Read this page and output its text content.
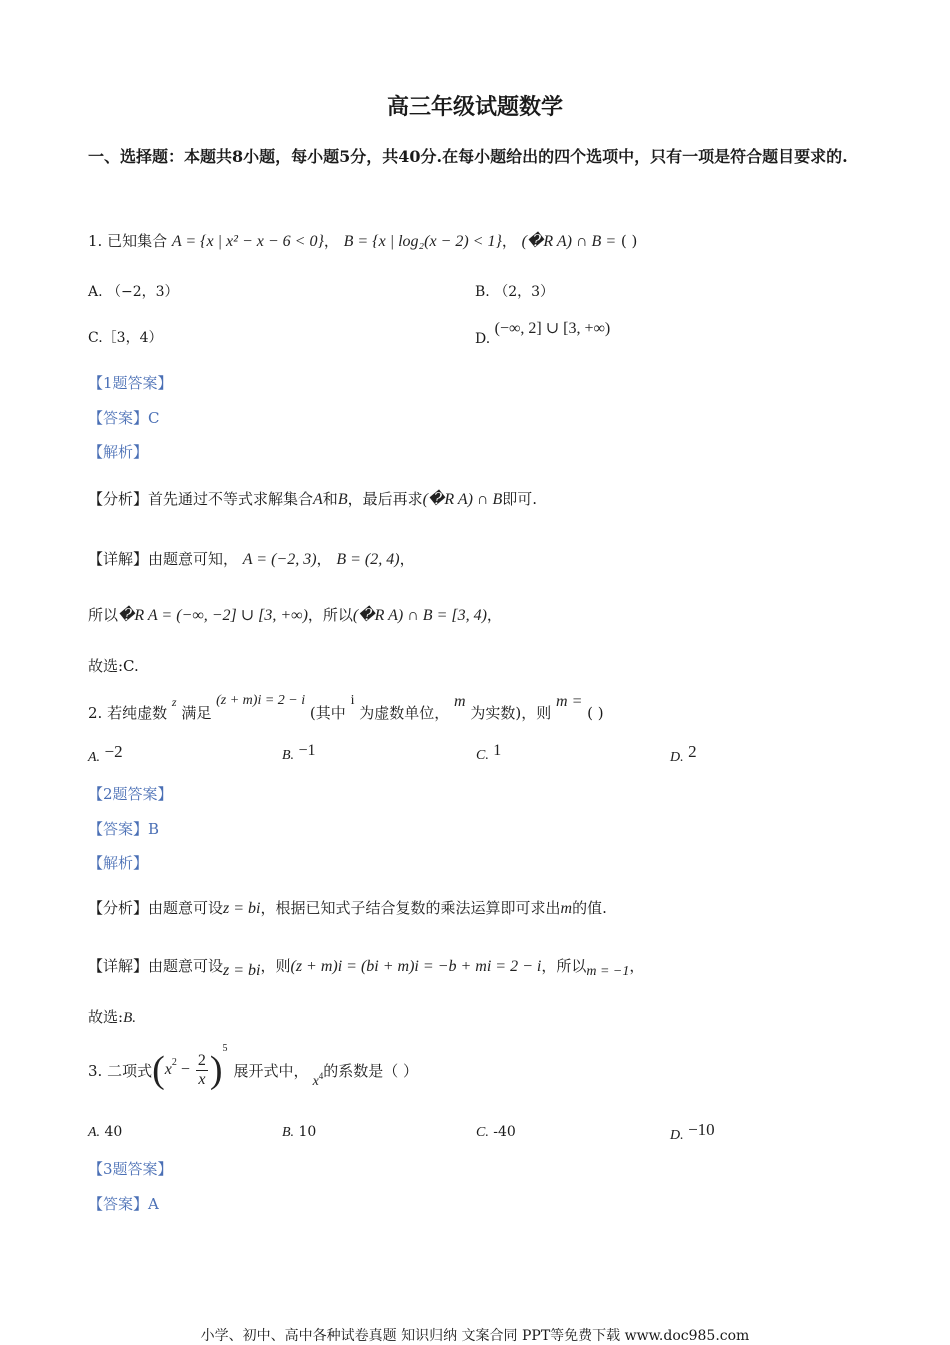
高三年级试题数学
一、选择题：本题共8小题，每小题5分，共40分.在每小题给出的四个选项中，只有一项是符合题目要求的.
1. 已知集合 A = {x | x² − x − 6 < 0}， B = {x | log₂(x − 2) < 1}， (�R A) ∩ B = ( )
A. （−2，3）	B. （2，3）
C.［3，4）	D. (−∞, 2] ∪ [3, +∞)
【1题答案】
【答案】C
【解析】
【分析】首先通过不等式求解集合A和B，最后再求(�R A) ∩ B即可.
【详解】由题意可知， A = (−2, 3)， B = (2, 4)，
所以�R A = (−∞, −2] ∪ [3, +∞)，所以(�R A) ∩ B = [3, 4)，
故选:C.
2. 若纯虚数 $^z$ 满足 (z + m)i = 2 − i (其中 i 为虚数单位， m 为实数)，则 m = ( )
A. −2	B. −1	C. 1	D. 2
【2题答案】
【答案】B
【解析】
【分析】由题意可设z = bi，根据已知式子结合复数的乘法运算即可求出m的值.
【详解】由题意可设z = bi，则(z + m)i = (bi + m)i = −b + mi = 2 − i，所以m = −1，
故选:B.
3. 二项式 ( $x^2 - \frac{2}{x}$ )
$^5$
展开式中，
$x^4$ 的系数是（ ）
A. 40	B. 10	C. -40	D. −10
【3题答案】
【答案】A
小学、初中、高中各种试卷真题 知识归纳 文案合同 PPT等免费下载 www.doc985.com
